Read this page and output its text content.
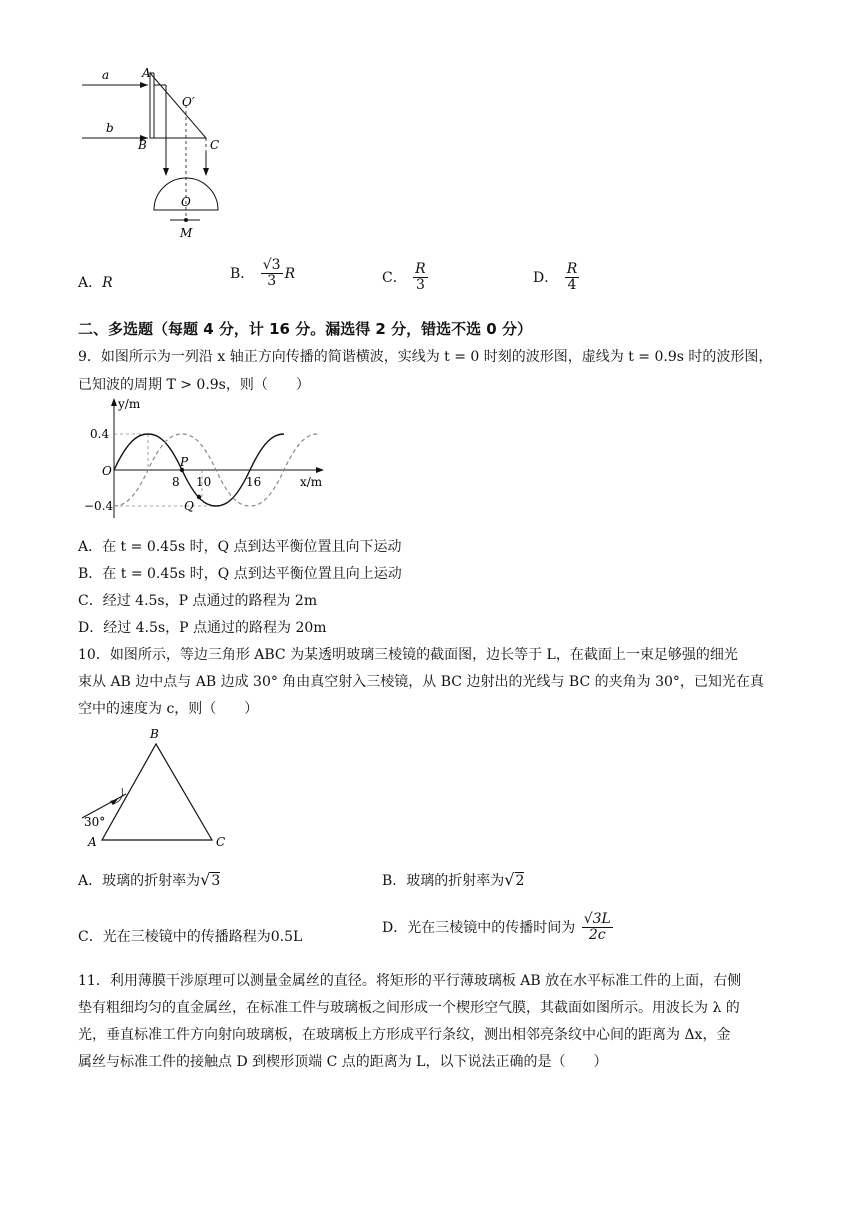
a
b
A
O′
B	C
O
M
A．R
B． $\frac{√3}{3}$ R	C． $\frac{R}{3}$	D． $\frac{R}{4}$
二、多选题（每题 4 分，计 16 分。漏选得 2 分，错选不选 0 分）
9．如图所示为一列沿 x 轴正方向传播的简谐横波，实线为 t = 0 时刻的波形图，虚线为 t = 0.9s 时的波形图，
已知波的周期 T > 0.9s，则（　　）
y/m
x/m
O
0.4
−0.4
8 10	16
P
Q
A．在 t = 0.45s 时，Q 点到达平衡位置且向下运动
B．在 t = 0.45s 时，Q 点到达平衡位置且向上运动
C．经过 4.5s，P 点通过的路程为 2m
D．经过 4.5s，P 点通过的路程为 20m
10．如图所示，等边三角形 ABC 为某透明玻璃三棱镜的截面图，边长等于 L，在截面上一束足够强的细光
束从 AB 边中点与 AB 边成 30° 角由真空射入三棱镜，从 BC 边射出的光线与 BC 的夹角为 30°，已知光在真
空中的速度为 c，则（　　）
30°
A
B
C
A．玻璃的折射率为√3	B．玻璃的折射率为√2
C．光在三棱镜中的传播路程为0.5L
D．光在三棱镜中的传播时间为 $\frac{√3L}{2c}$
11．利用薄膜干涉原理可以测量金属丝的直径。将矩形的平行薄玻璃板 AB 放在水平标准工件的上面，右侧
垫有粗细均匀的直金属丝，在标准工件与玻璃板之间形成一个楔形空气膜，其截面如图所示。用波长为 λ 的
光，垂直标准工件方向射向玻璃板，在玻璃板上方形成平行条纹，测出相邻亮条纹中心间的距离为 Δx，金
属丝与标准工件的接触点 D 到楔形顶端 C 点的距离为 L，以下说法正确的是（　　）
